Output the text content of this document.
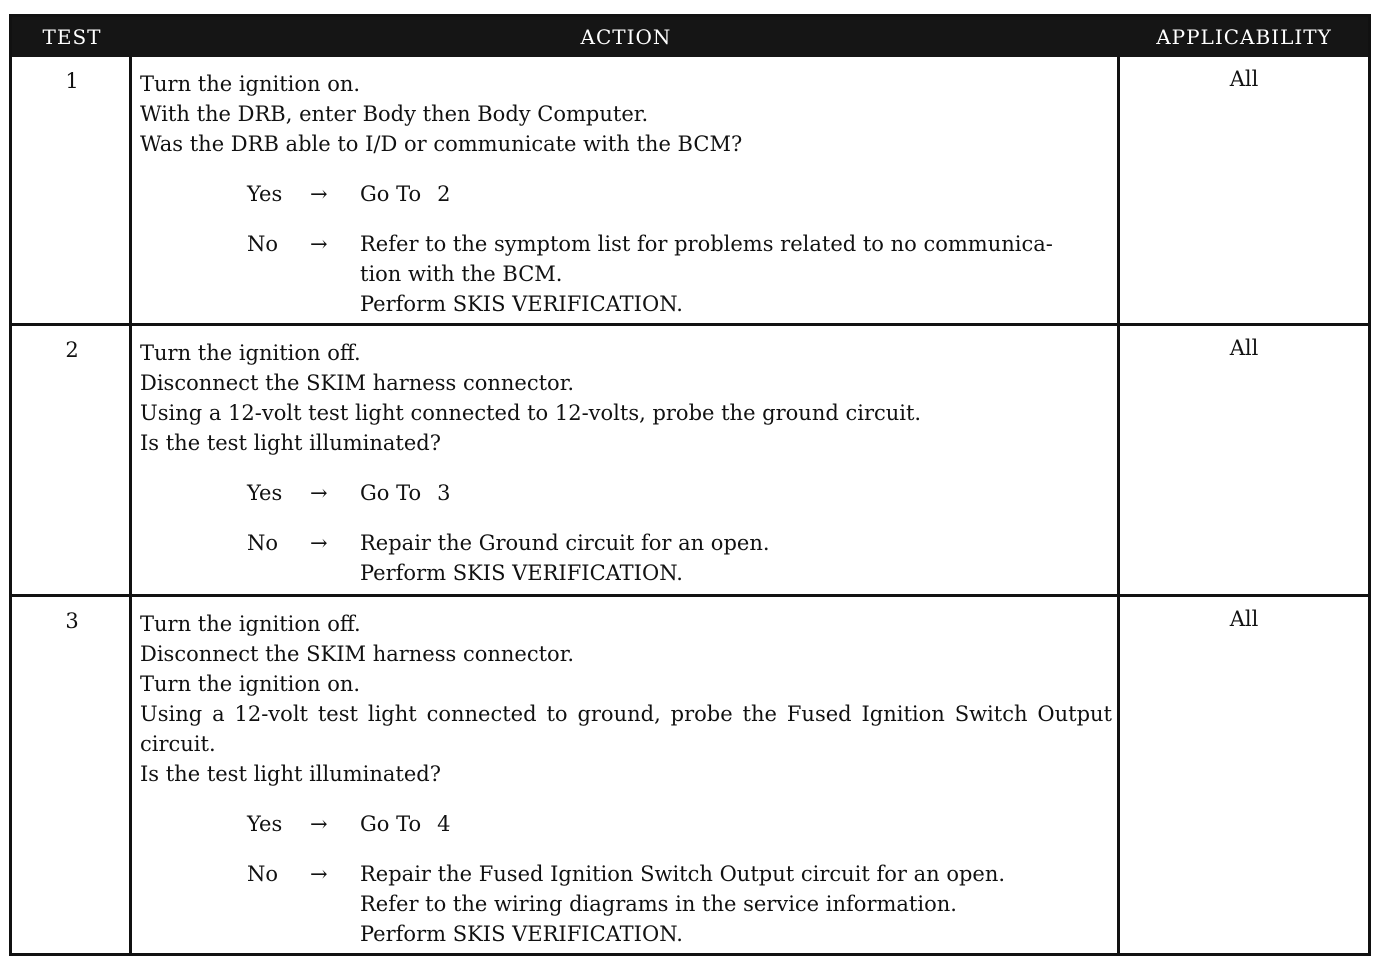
TEST	ACTION	APPLICABILITY
1	Turn the ignition on.
With the DRB, enter Body then Body Computer.
Was the DRB able to I/D or communicate with the BCM?
Yes → Go To 2
No → Refer to the symptom list for problems related to no communica-
tion with the BCM.
Perform SKIS VERIFICATION.
All
2	Turn the ignition off.
Disconnect the SKIM harness connector.
Using a 12-volt test light connected to 12-volts, probe the ground circuit.
Is the test light illuminated?
Yes → Go To 3
No → Repair the Ground circuit for an open.
Perform SKIS VERIFICATION.
All
3	Turn the ignition off.
Disconnect the SKIM harness connector.
Turn the ignition on.
Using a 12-volt test light connected to ground, probe the Fused Ignition Switch Output circuit.
Is the test light illuminated?
Yes → Go To 4
No → Repair the Fused Ignition Switch Output circuit for an open.
Refer to the wiring diagrams in the service information.
Perform SKIS VERIFICATION.
All
